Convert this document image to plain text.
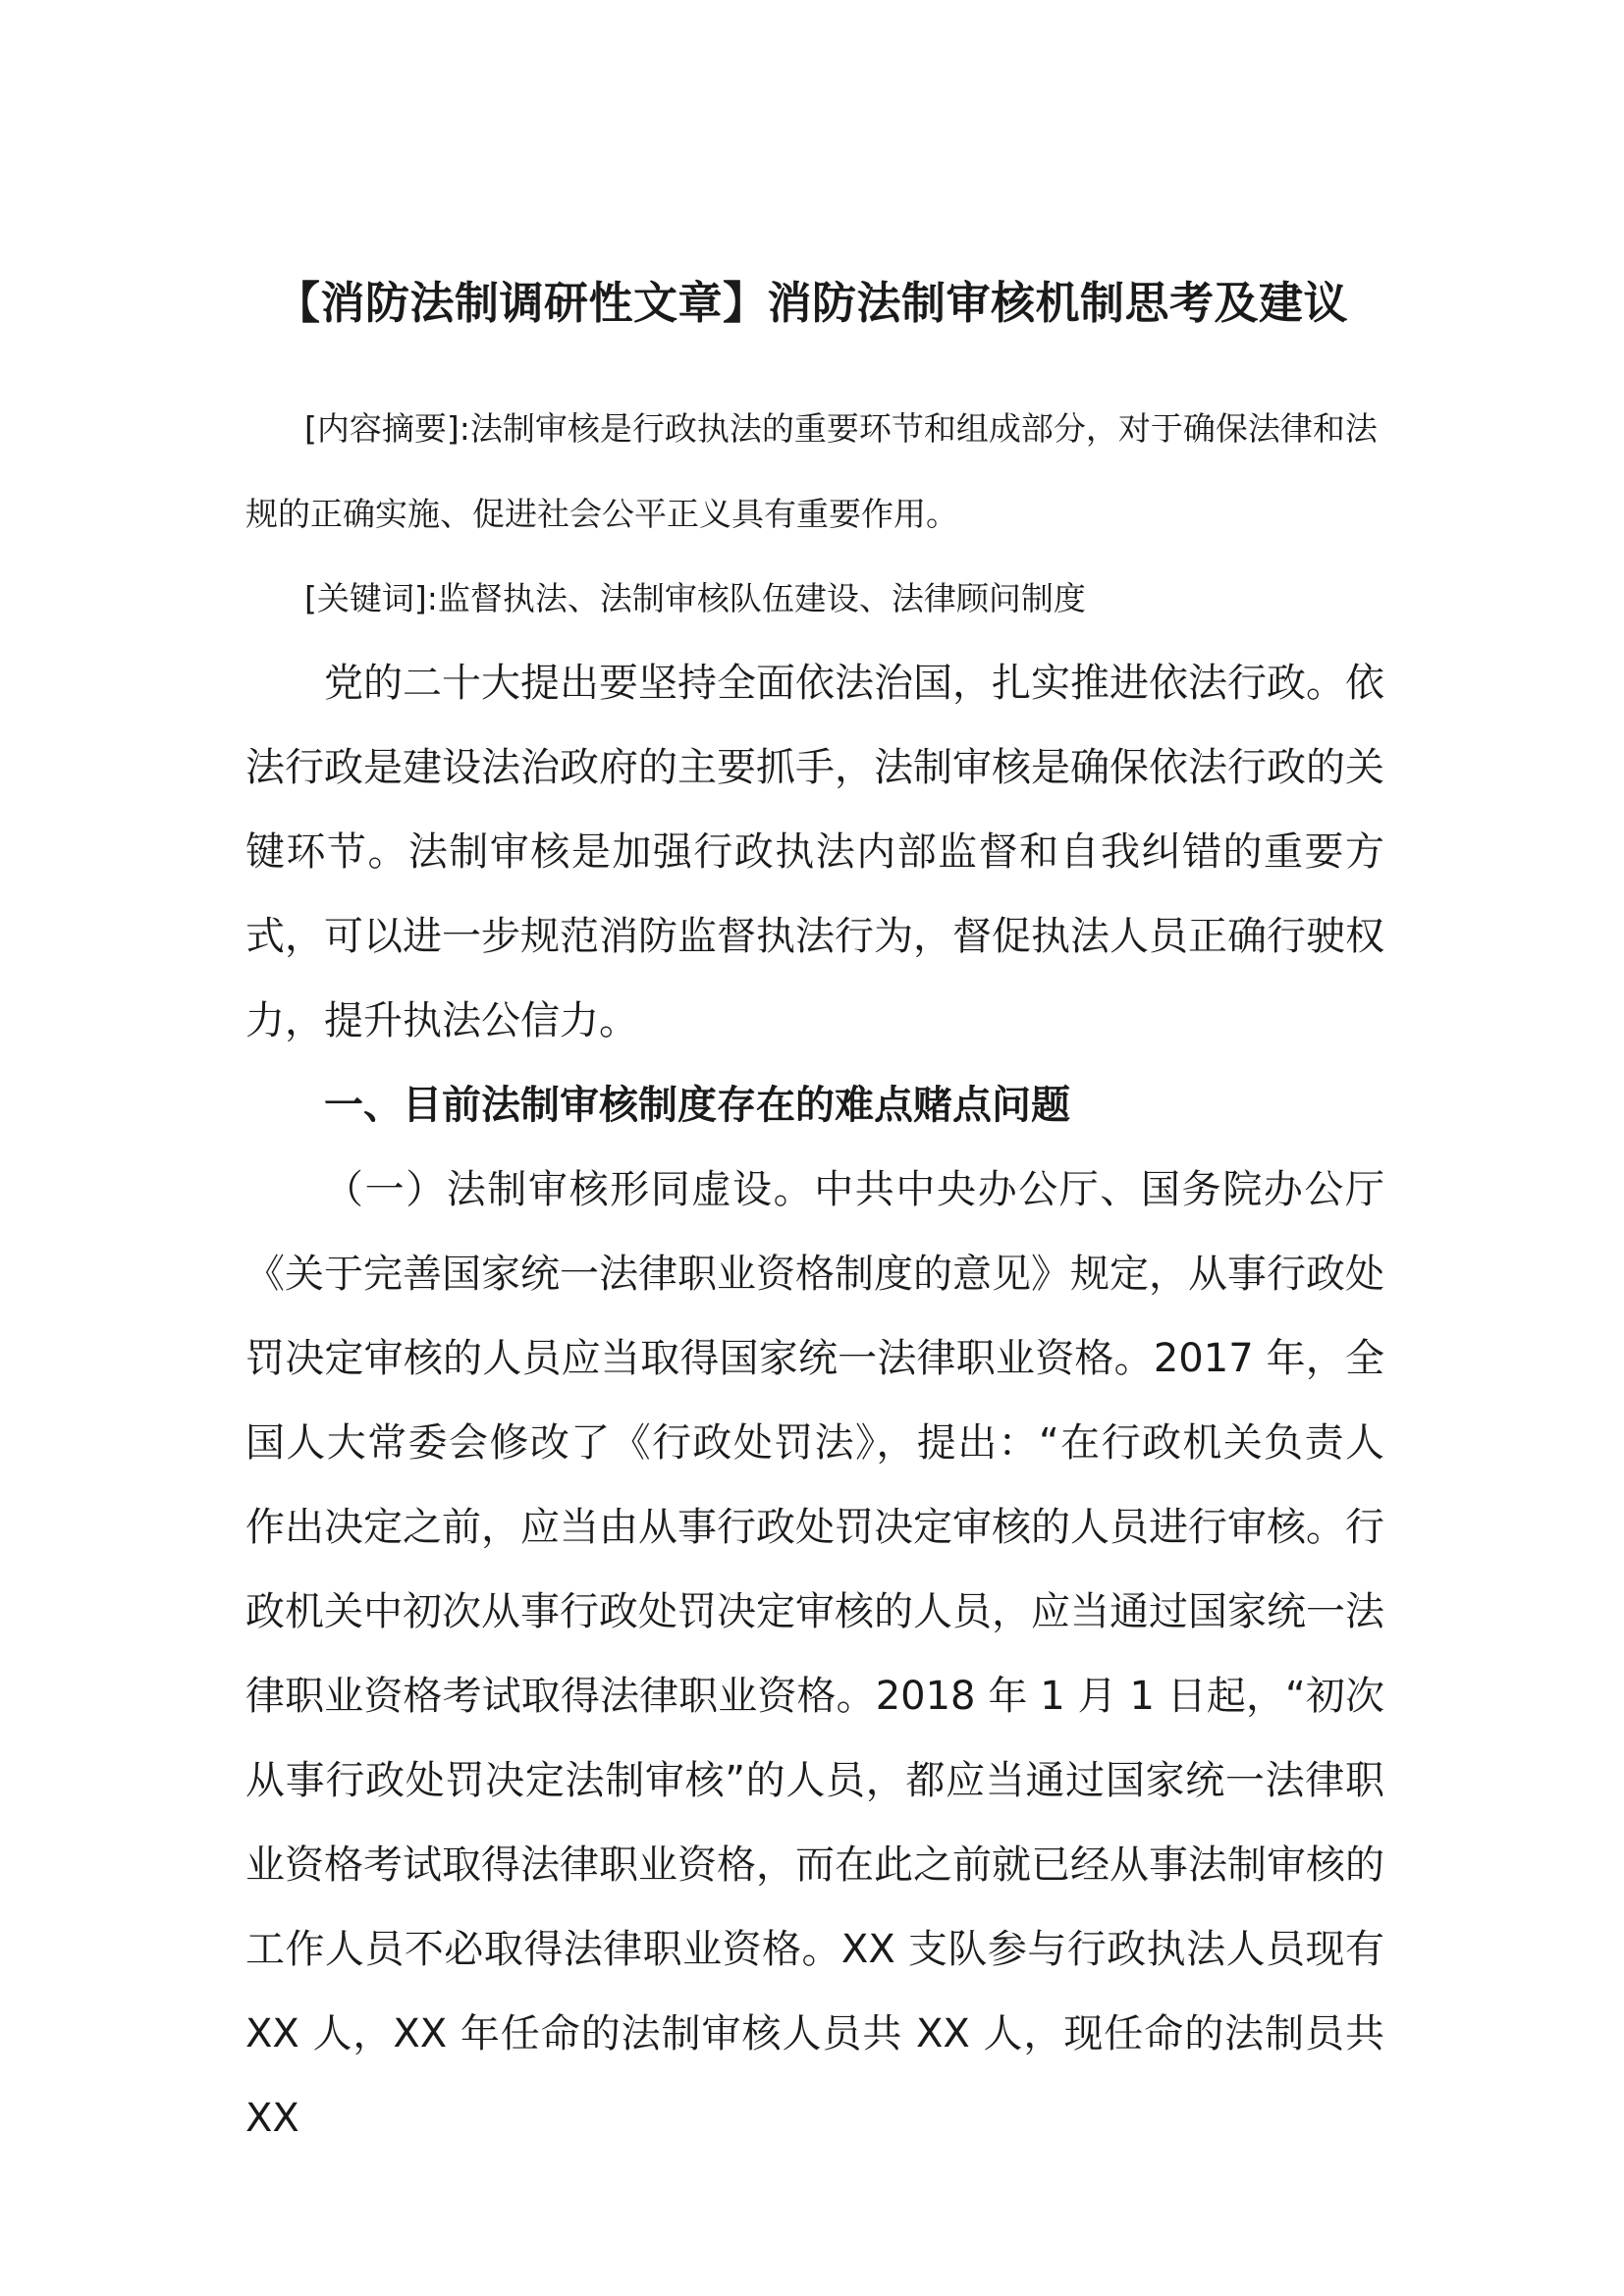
【消防法制调研性文章】消防法制审核机制思考及建议

[内容摘要]:法制审核是行政执法的重要环节和组成部分，对于确保法律和法规的正确实施、促进社会公平正义具有重要作用。

[关键词]:监督执法、法制审核队伍建设、法律顾问制度

党的二十大提出要坚持全面依法治国，扎实推进依法行政。依法行政是建设法治政府的主要抓手，法制审核是确保依法行政的关键环节。法制审核是加强行政执法内部监督和自我纠错的重要方式，可以进一步规范消防监督执法行为，督促执法人员正确行驶权力，提升执法公信力。

一、目前法制审核制度存在的难点赌点问题

（一）法制审核形同虚设。中共中央办公厅、国务院办公厅《关于完善国家统一法律职业资格制度的意见》规定，从事行政处罚决定审核的人员应当取得国家统一法律职业资格。2017 年，全国人大常委会修改了《行政处罚法》，提出：“在行政机关负责人作出决定之前，应当由从事行政处罚决定审核的人员进行审核。行政机关中初次从事行政处罚决定审核的人员，应当通过国家统一法律职业资格考试取得法律职业资格。2018 年 1 月 1 日起，“初次从事行政处罚决定法制审核”的人员，都应当通过国家统一法律职业资格考试取得法律职业资格，而在此之前就已经从事法制审核的工作人员不必取得法律职业资格。XX 支队参与行政执法人员现有 XX 人，XX 年任命的法制审核人员共 XX 人，现任命的法制员共 XX
